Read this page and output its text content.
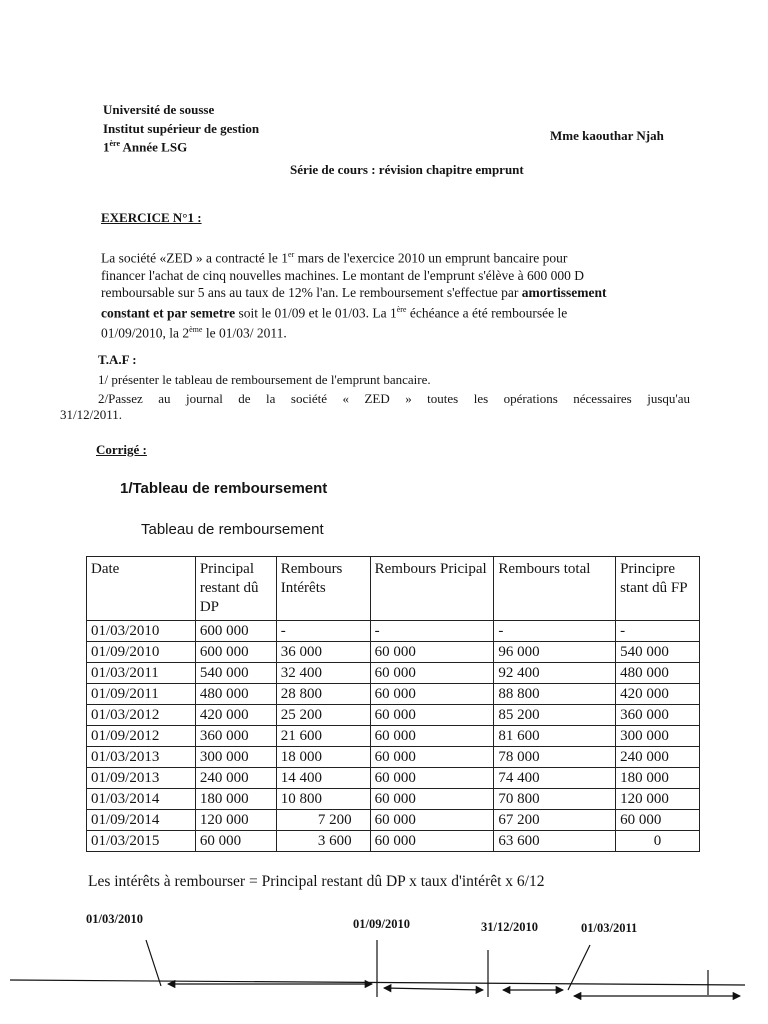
Université de sousse
Institut supérieur de gestion
1ère Année LSG
Mme kaouthar Njah
Série de cours : révision chapitre emprunt
EXERCICE N°1 :

La société «ZED » a contracté le 1er mars de l'exercice 2010 un emprunt bancaire pour

financer l'achat de cinq nouvelles machines. Le montant de l'emprunt s'élève à 600 000 D

remboursable sur 5 ans au taux de 12% l'an. Le remboursement s'effectue par amortissement

constant et par semetre soit le 01/09 et le 01/03. La 1ère échéance a été remboursée le

01/09/2010, la 2ème le 01/03/ 2011.

T.A.F :
1/ présenter le tableau de remboursement de l'emprunt bancaire.
2/Passez au journal de la société « ZED » toutes les opérations nécessaires jusqu'au
31/12/2011.
Corrigé :
1/Tableau de remboursement
Tableau de remboursement
Date	Principal restant dû DP	Rembours Intérêts	Rembours Pricipal	Rembours total	Principre stant dû FP
01/03/2010	600 000	-	-	-	-
01/09/2010	600 000	36 000	60 000	96 000	540 000
01/03/2011	540 000	32 400	60 000	92 400	480 000
01/09/2011	480 000	28 800	60 000	88 800	420 000
01/03/2012	420 000	25 200	60 000	85 200	360 000
01/09/2012	360 000	21 600	60 000	81 600	300 000
01/03/2013	300 000	18 000	60 000	78 000	240 000
01/09/2013	240 000	14 400	60 000	74 400	180 000
01/03/2014	180 000	10 800	60 000	70 800	120 000
01/09/2014	120 000	7 200	60 000	67 200	60 000
01/03/2015	60 000	3 600	60 000	63 600	0
Les intérêts à rembourser = Principal restant dû DP x taux d'intérêt x 6/12
01/03/2010	01/09/2010	31/12/2010	01/03/2011
